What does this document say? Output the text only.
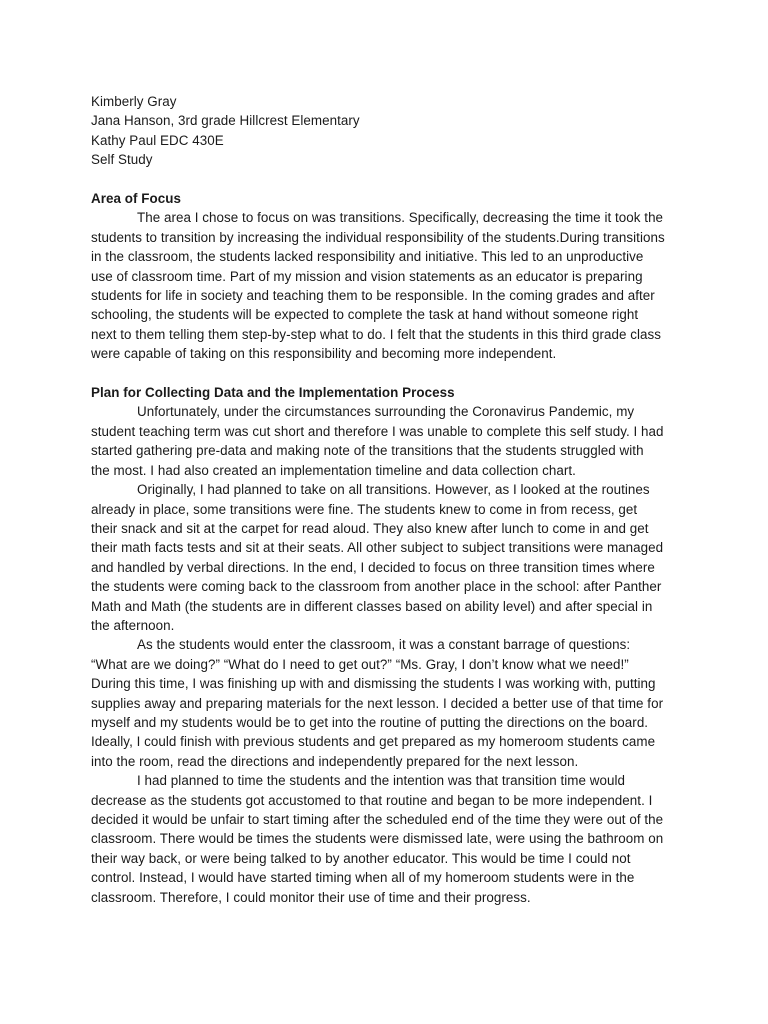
Kimberly Gray

Jana Hanson, 3rd grade Hillcrest Elementary

Kathy Paul EDC 430E

Self Study

Area of Focus
The area I chose to focus on was transitions. Specifically, decreasing the time it took the
students to transition by increasing the individual responsibility of the students.During transitions
in the classroom, the students lacked responsibility and initiative. This led to an unproductive
use of classroom time. Part of my mission and vision statements as an educator is preparing
students for life in society and teaching them to be responsible. In the coming grades and after
schooling, the students will be expected to complete the task at hand without someone right
next to them telling them step-by-step what to do. I felt that the students in this third grade class
were capable of taking on this responsibility and becoming more independent.
Plan for Collecting Data and the Implementation Process
Unfortunately, under the circumstances surrounding the Coronavirus Pandemic, my
student teaching term was cut short and therefore I was unable to complete this self study. I had
started gathering pre-data and making note of the transitions that the students struggled with
the most. I had also created an implementation timeline and data collection chart.
Originally, I had planned to take on all transitions. However, as I looked at the routines
already in place, some transitions were fine. The students knew to come in from recess, get
their snack and sit at the carpet for read aloud. They also knew after lunch to come in and get
their math facts tests and sit at their seats. All other subject to subject transitions were managed
and handled by verbal directions. In the end, I decided to focus on three transition times where
the students were coming back to the classroom from another place in the school: after Panther
Math and Math (the students are in different classes based on ability level) and after special in
the afternoon.
As the students would enter the classroom, it was a constant barrage of questions:
“What are we doing?” “What do I need to get out?” “Ms. Gray, I don’t know what we need!”
During this time, I was finishing up with and dismissing the students I was working with, putting
supplies away and preparing materials for the next lesson. I decided a better use of that time for
myself and my students would be to get into the routine of putting the directions on the board.
Ideally, I could finish with previous students and get prepared as my homeroom students came
into the room, read the directions and independently prepared for the next lesson.
I had planned to time the students and the intention was that transition time would
decrease as the students got accustomed to that routine and began to be more independent. I
decided it would be unfair to start timing after the scheduled end of the time they were out of the
classroom. There would be times the students were dismissed late, were using the bathroom on
their way back, or were being talked to by another educator. This would be time I could not
control. Instead, I would have started timing when all of my homeroom students were in the
classroom. Therefore, I could monitor their use of time and their progress.
